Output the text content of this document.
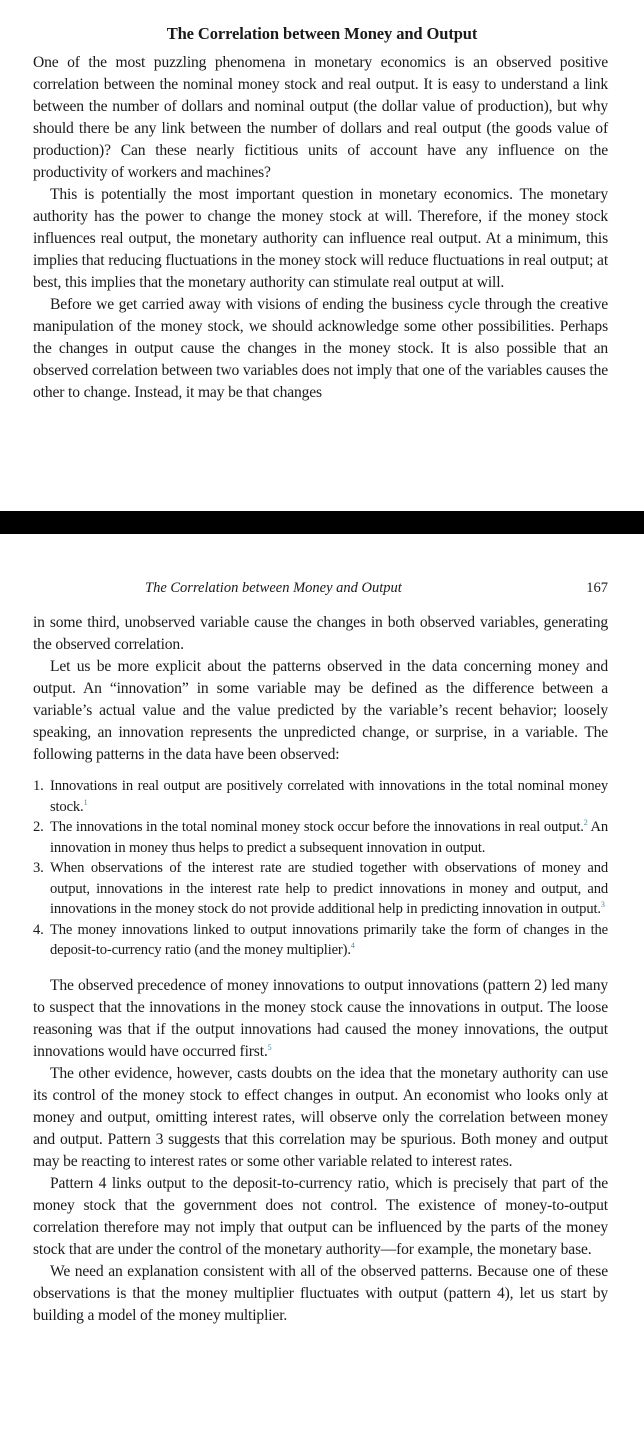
The Correlation between Money and Output

One of the most puzzling phenomena in monetary economics is an observed positive correlation between the nominal money stock and real output. It is easy to understand a link between the number of dollars and nominal output (the dollar value of production), but why should there be any link between the number of dollars and real output (the goods value of production)? Can these nearly fictitious units of account have any influence on the productivity of workers and machines?

This is potentially the most important question in monetary economics. The monetary authority has the power to change the money stock at will. Therefore, if the money stock influences real output, the monetary authority can influence real output. At a minimum, this implies that reducing fluctuations in the money stock will reduce fluctuations in real output; at best, this implies that the monetary authority can stimulate real output at will.

Before we get carried away with visions of ending the business cycle through the creative manipulation of the money stock, we should acknowledge some other possibilities. Perhaps the changes in output cause the changes in the money stock. It is also possible that an observed correlation between two variables does not imply that one of the variables causes the other to change. Instead, it may be that changes

The Correlation between Money and Output	167

in some third, unobserved variable cause the changes in both observed variables, generating the observed correlation.

Let us be more explicit about the patterns observed in the data concerning money and output. An “innovation” in some variable may be defined as the difference between a variable’s actual value and the value predicted by the variable’s recent behavior; loosely speaking, an innovation represents the unpredicted change, or surprise, in a variable. The following patterns in the data have been observed:

1. Innovations in real output are positively correlated with innovations in the total nominal money stock.$^1$
2. The innovations in the total nominal money stock occur before the innovations in real output.$^2$ An innovation in money thus helps to predict a subsequent innovation in output.
3. When observations of the interest rate are studied together with observations of money and output, innovations in the interest rate help to predict innovations in money and output, and innovations in the money stock do not provide additional help in predicting innovation in output.$^3$
4. The money innovations linked to output innovations primarily take the form of changes in the deposit-to-currency ratio (and the money multiplier).$^4$

The observed precedence of money innovations to output innovations (pattern 2) led many to suspect that the innovations in the money stock cause the innovations in output. The loose reasoning was that if the output innovations had caused the money innovations, the output innovations would have occurred first.$^5$

The other evidence, however, casts doubts on the idea that the monetary authority can use its control of the money stock to effect changes in output. An economist who looks only at money and output, omitting interest rates, will observe only the correlation between money and output. Pattern 3 suggests that this correlation may be spurious. Both money and output may be reacting to interest rates or some other variable related to interest rates.

Pattern 4 links output to the deposit-to-currency ratio, which is precisely that part of the money stock that the government does not control. The existence of money-to-output correlation therefore may not imply that output can be influenced by the parts of the money stock that are under the control of the monetary authority—for example, the monetary base.

We need an explanation consistent with all of the observed patterns. Because one of these observations is that the money multiplier fluctuates with output (pattern 4), let us start by building a model of the money multiplier.
